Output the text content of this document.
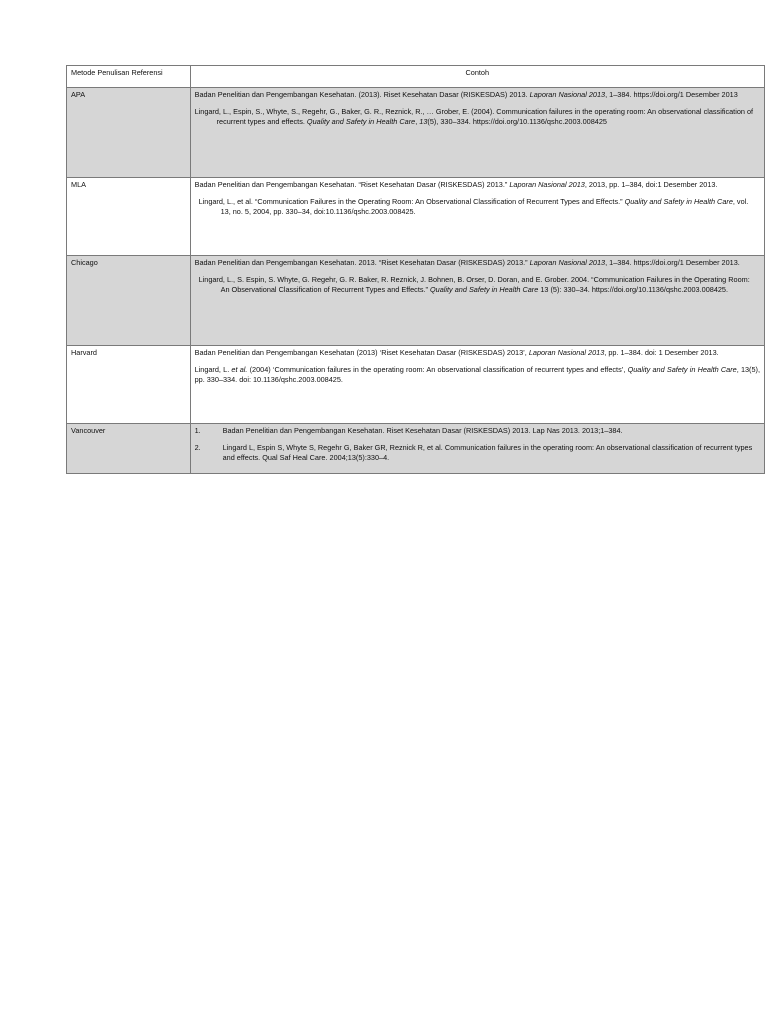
Metode Penulisan Referensi	Contoh
APA	Badan Penelitian dan Pengembangan Kesehatan. (2013). Riset Kesehatan Dasar (RISKESDAS) 2013. Laporan Nasional 2013, 1–384. https://doi.org/1 Desember 2013

Lingard, L., Espin, S., Whyte, S., Regehr, G., Baker, G. R., Reznick, R., … Grober, E. (2004). Communication failures in the operating room: An observational classification of recurrent types and effects. Quality and Safety in Health Care, 13(5), 330–334. https://doi.org/10.1136/qshc.2003.008425

MLA	Badan Penelitian dan Pengembangan Kesehatan. “Riset Kesehatan Dasar (RISKESDAS) 2013.” Laporan Nasional 2013, 2013, pp. 1–384, doi:1 Desember 2013.

Lingard, L., et al. “Communication Failures in the Operating Room: An Observational Classification of Recurrent Types and Effects.” Quality and Safety in Health Care, vol. 13, no. 5, 2004, pp. 330–34, doi:10.1136/qshc.2003.008425.

Chicago	Badan Penelitian dan Pengembangan Kesehatan. 2013. “Riset Kesehatan Dasar (RISKESDAS) 2013.” Laporan Nasional 2013, 1–384. https://doi.org/1 Desember 2013.

Lingard, L., S. Espin, S. Whyte, G. Regehr, G. R. Baker, R. Reznick, J. Bohnen, B. Orser, D. Doran, and E. Grober. 2004. “Communication Failures in the Operating Room: An Observational Classification of Recurrent Types and Effects.” Quality and Safety in Health Care 13 (5): 330–34. https://doi.org/10.1136/qshc.2003.008425.

Harvard	Badan Penelitian dan Pengembangan Kesehatan (2013) ‘Riset Kesehatan Dasar (RISKESDAS) 2013’, Laporan Nasional 2013, pp. 1–384. doi: 1 Desember 2013.

Lingard, L. et al. (2004) ‘Communication failures in the operating room: An observational classification of recurrent types and effects’, Quality and Safety in Health Care, 13(5), pp. 330–334. doi: 10.1136/qshc.2003.008425.

Vancouver	1. Badan Penelitian dan Pengembangan Kesehatan. Riset Kesehatan Dasar (RISKESDAS) 2013. Lap Nas 2013. 2013;1–384.
2. Lingard L, Espin S, Whyte S, Regehr G, Baker GR, Reznick R, et al. Communication failures in the operating room: An observational classification of recurrent types and effects. Qual Saf Heal Care. 2004;13(5):330–4.
